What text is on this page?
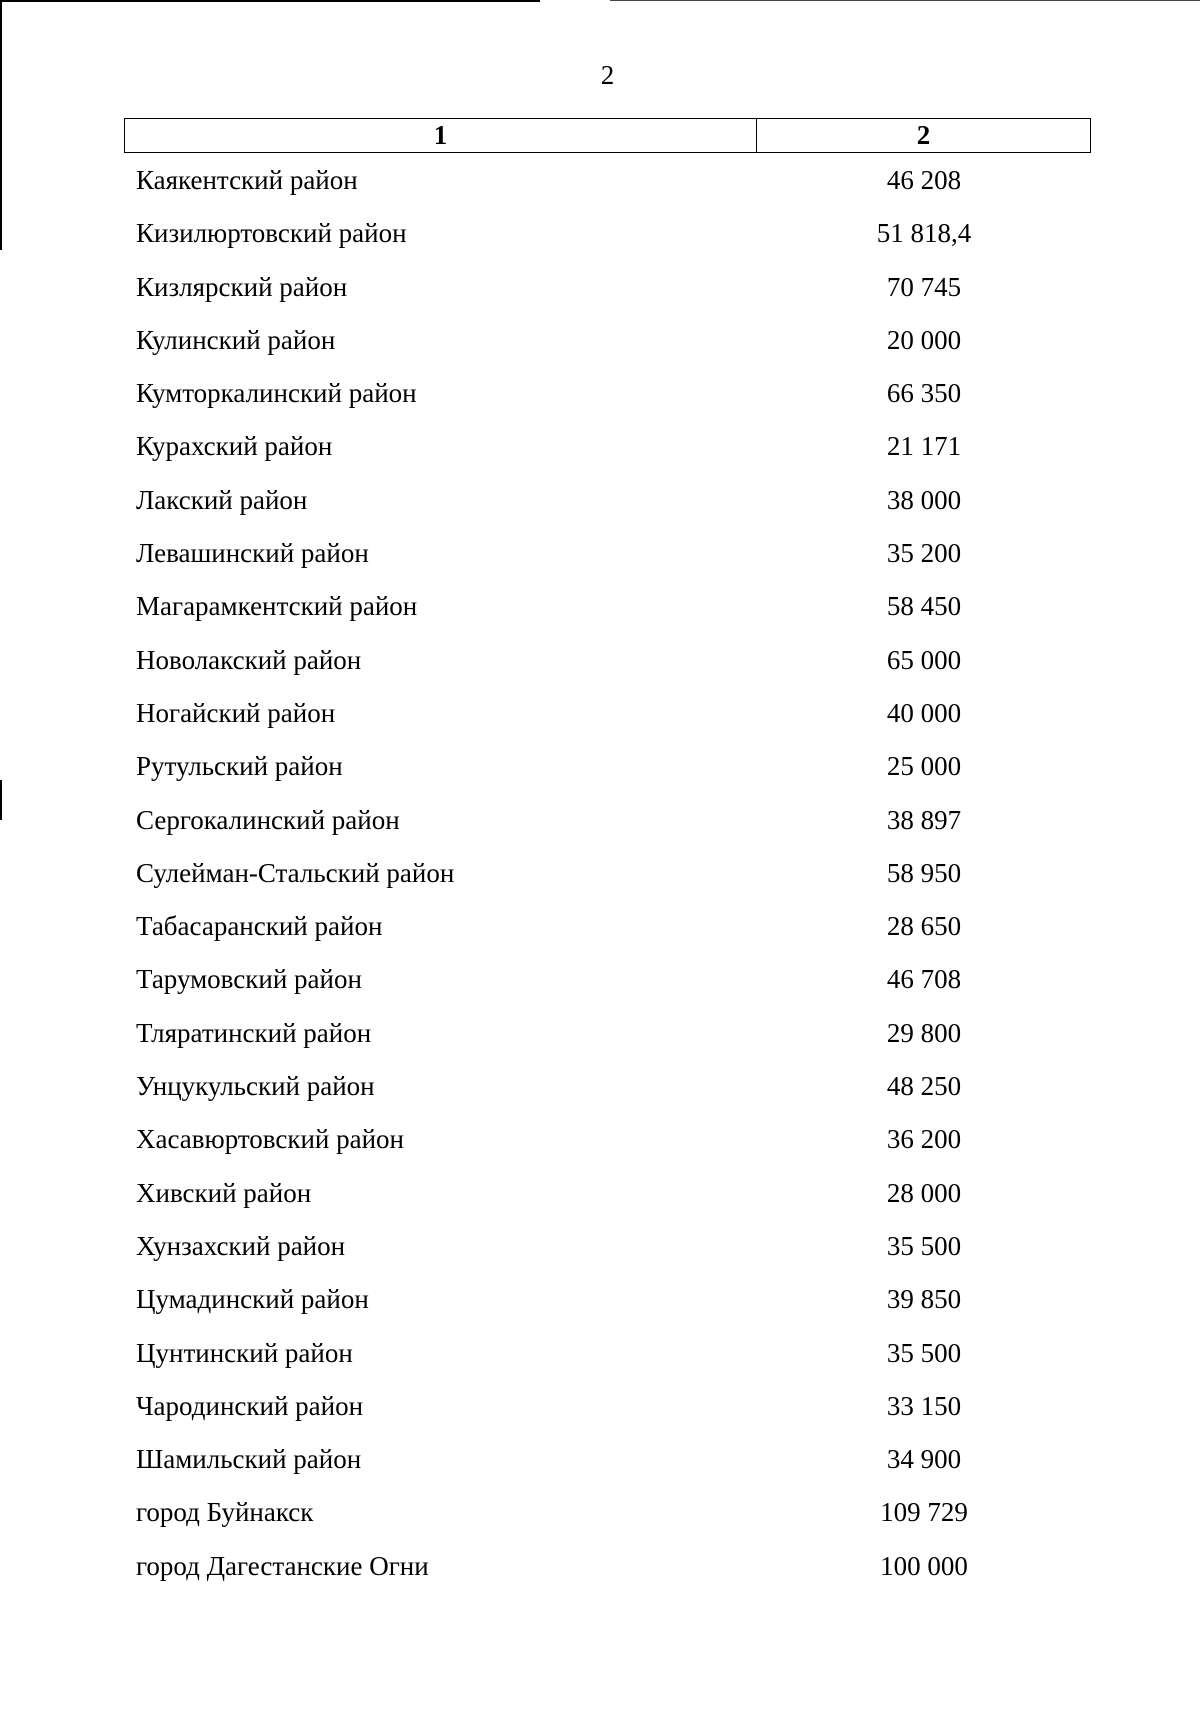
2
1	2
Каякентский район	46 208
Кизилюртовский район	51 818,4
Кизлярский район	70 745
Кулинский район	20 000
Кумторкалинский район	66 350
Курахский район	21 171
Лакский район	38 000
Левашинский район	35 200
Магарамкентский район	58 450
Новолакский район	65 000
Ногайский район	40 000
Рутульский район	25 000
Сергокалинский район	38 897
Сулейман-Стальский район	58 950
Табасаранский район	28 650
Тарумовский район	46 708
Тляратинский район	29 800
Унцукульский район	48 250
Хасавюртовский район	36 200
Хивский район	28 000
Хунзахский район	35 500
Цумадинский район	39 850
Цунтинский район	35 500
Чародинский район	33 150
Шамильский район	34 900
город Буйнакск	109 729
город Дагестанские Огни	100 000
